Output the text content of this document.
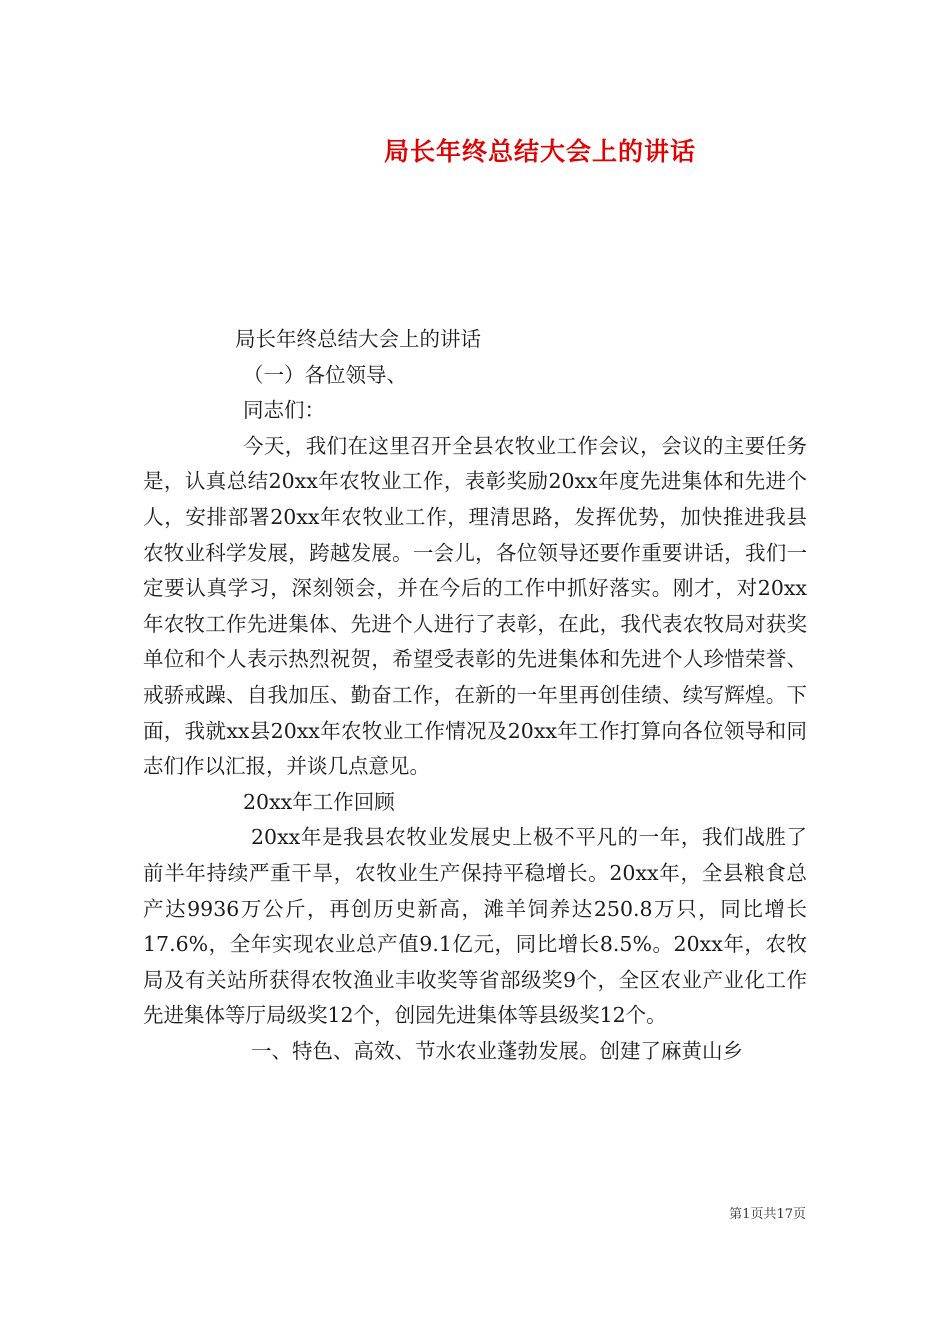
局长年终总结大会上的讲话

局长年终总结大会上的讲话

（一）各位领导、

同志们：

今天，我们在这里召开全县农牧业工作会议，会议的主要任务是，认真总结20xx年农牧业工作，表彰奖励20xx年度先进集体和先进个人，安排部署20xx年农牧业工作，理清思路，发挥优势，加快推进我县农牧业科学发展，跨越发展。一会儿，各位领导还要作重要讲话，我们一定要认真学习，深刻领会，并在今后的工作中抓好落实。刚才，对20xx年农牧工作先进集体、先进个人进行了表彰，在此，我代表农牧局对获奖单位和个人表示热烈祝贺，希望受表彰的先进集体和先进个人珍惜荣誉、戒骄戒躁、自我加压、勤奋工作，在新的一年里再创佳绩、续写辉煌。下面，我就xx县20xx年农牧业工作情况及20xx年工作打算向各位领导和同志们作以汇报，并谈几点意见。

20xx年工作回顾

20xx年是我县农牧业发展史上极不平凡的一年，我们战胜了前半年持续严重干旱，农牧业生产保持平稳增长。20xx年，全县粮食总产达9936万公斤，再创历史新高，滩羊饲养达250.8万只，同比增长17.6%，全年实现农业总产值9.1亿元，同比增长8.5%。20xx年，农牧局及有关站所获得农牧渔业丰收奖等省部级奖9个，全区农业产业化工作先进集体等厅局级奖12个，创园先进集体等县级奖12个。

一、特色、高效、节水农业蓬勃发展。创建了麻黄山乡

第1页共17页
